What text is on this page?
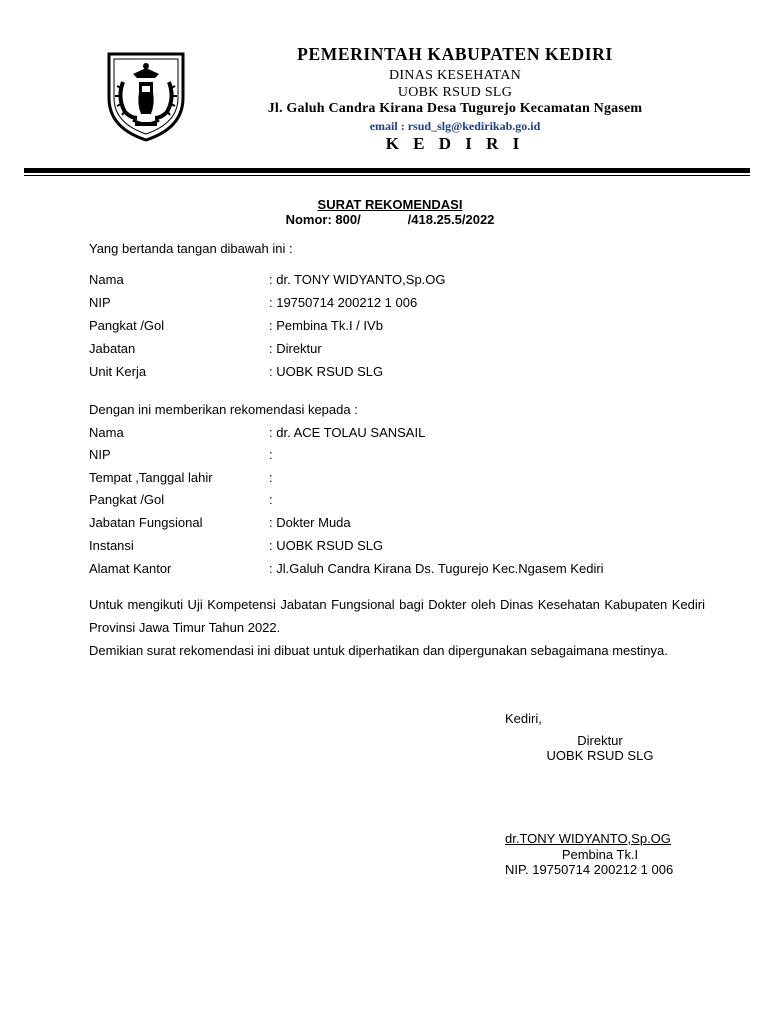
PEMERINTAH KABUPATEN KEDIRI
DINAS KESEHATAN
UOBK RSUD SLG
Jl. Galuh Candra Kirana Desa Tugurejo Kecamatan Ngasem
email : rsud_slg@kedirikab.go.id
K E D I R I
SURAT REKOMENDASI
Nomor: 800/             /418.25.5/2022
Yang bertanda tangan dibawah ini :
Nama	: dr. TONY WIDYANTO,Sp.OG
NIP	: 19750714 200212 1 006
Pangkat /Gol	: Pembina Tk.I / IVb
Jabatan	: Direktur
Unit Kerja	: UOBK RSUD SLG
Dengan ini memberikan rekomendasi kepada :
Nama	: dr. ACE TOLAU SANSAIL
NIP	:
Tempat ,Tanggal lahir	:
Pangkat /Gol	:
Jabatan Fungsional	: Dokter Muda
Instansi	: UOBK RSUD SLG
Alamat Kantor	: Jl.Galuh Candra Kirana Ds. Tugurejo Kec.Ngasem Kediri
Untuk mengikuti Uji Kompetensi Jabatan Fungsional bagi Dokter oleh Dinas Kesehatan Kabupaten Kediri Provinsi Jawa Timur Tahun 2022.
Demikian surat rekomendasi ini dibuat untuk diperhatikan dan dipergunakan sebagaimana mestinya.
Kediri,
Direktur
UOBK RSUD SLG
dr.TONY WIDYANTO,Sp.OG
Pembina Tk.I
NIP. 19750714 200212 1 006
